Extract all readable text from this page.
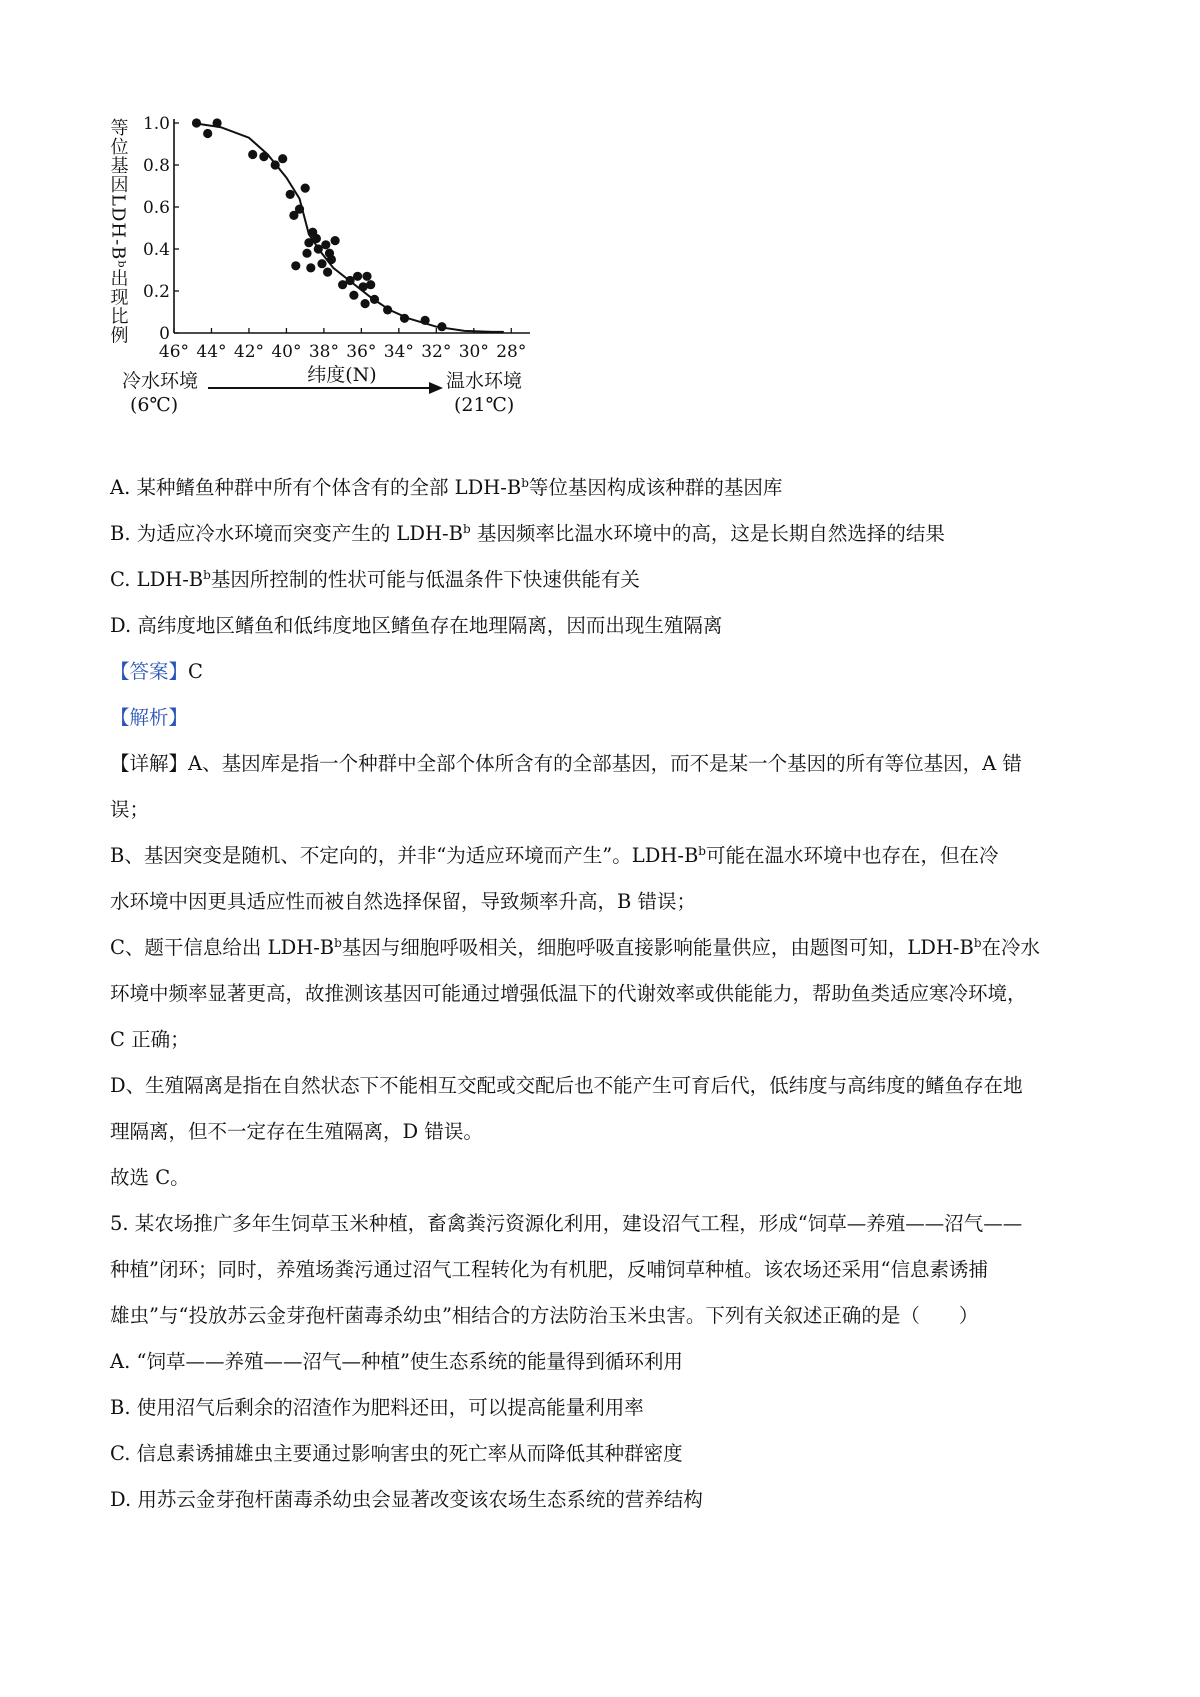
0
0.2
0.4
0.6
0.8
1.0
46° 44° 42° 40° 38° 36° 34° 32° 30° 28°
等位基因LDH-Bᵇ出现比例
冷水环境
(6℃)
温水环境
(21℃)
纬度(N)
A. 某种鳍鱼种群中所有个体含有的全部 LDH-$B^b$等位基因构成该种群的基因库
B. 为适应冷水环境而突变产生的 LDH-$B^b$ 基因频率比温水环境中的高，这是长期自然选择的结果
C. LDH-$B^b$基因所控制的性状可能与低温条件下快速供能有关
D. 高纬度地区鳍鱼和低纬度地区鳍鱼存在地理隔离，因而出现生殖隔离
【答案】C
【解析】
【详解】A、基因库是指一个种群中全部个体所含有的全部基因，而不是某一个基因的所有等位基因，A 错
误；
B、基因突变是随机、不定向的，并非“为适应环境而产生”。LDH-$B^b$可能在温水环境中也存在，但在冷
水环境中因更具适应性而被自然选择保留，导致频率升高，B 错误；
C、题干信息给出 LDH-$B^b$基因与细胞呼吸相关，细胞呼吸直接影响能量供应，由题图可知，LDH-$B^b$在冷水
环境中频率显著更高，故推测该基因可能通过增强低温下的代谢效率或供能能力，帮助鱼类适应寒冷环境，
C 正确；
D、生殖隔离是指在自然状态下不能相互交配或交配后也不能产生可育后代，低纬度与高纬度的鳍鱼存在地
理隔离，但不一定存在生殖隔离，D 错误。
故选 C。
5. 某农场推广多年生饲草玉米种植，畜禽粪污资源化利用，建设沼气工程，形成“饲草—养殖——沼气——
种植”闭环；同时，养殖场粪污通过沼气工程转化为有机肥，反哺饲草种植。该农场还采用“信息素诱捕
雄虫”与“投放苏云金芽孢杆菌毒杀幼虫”相结合的方法防治玉米虫害。下列有关叙述正确的是（　　）
A. “饲草——养殖——沼气—种植”使生态系统的能量得到循环利用
B. 使用沼气后剩余的沼渣作为肥料还田，可以提高能量利用率
C. 信息素诱捕雄虫主要通过影响害虫的死亡率从而降低其种群密度
D. 用苏云金芽孢杆菌毒杀幼虫会显著改变该农场生态系统的营养结构
